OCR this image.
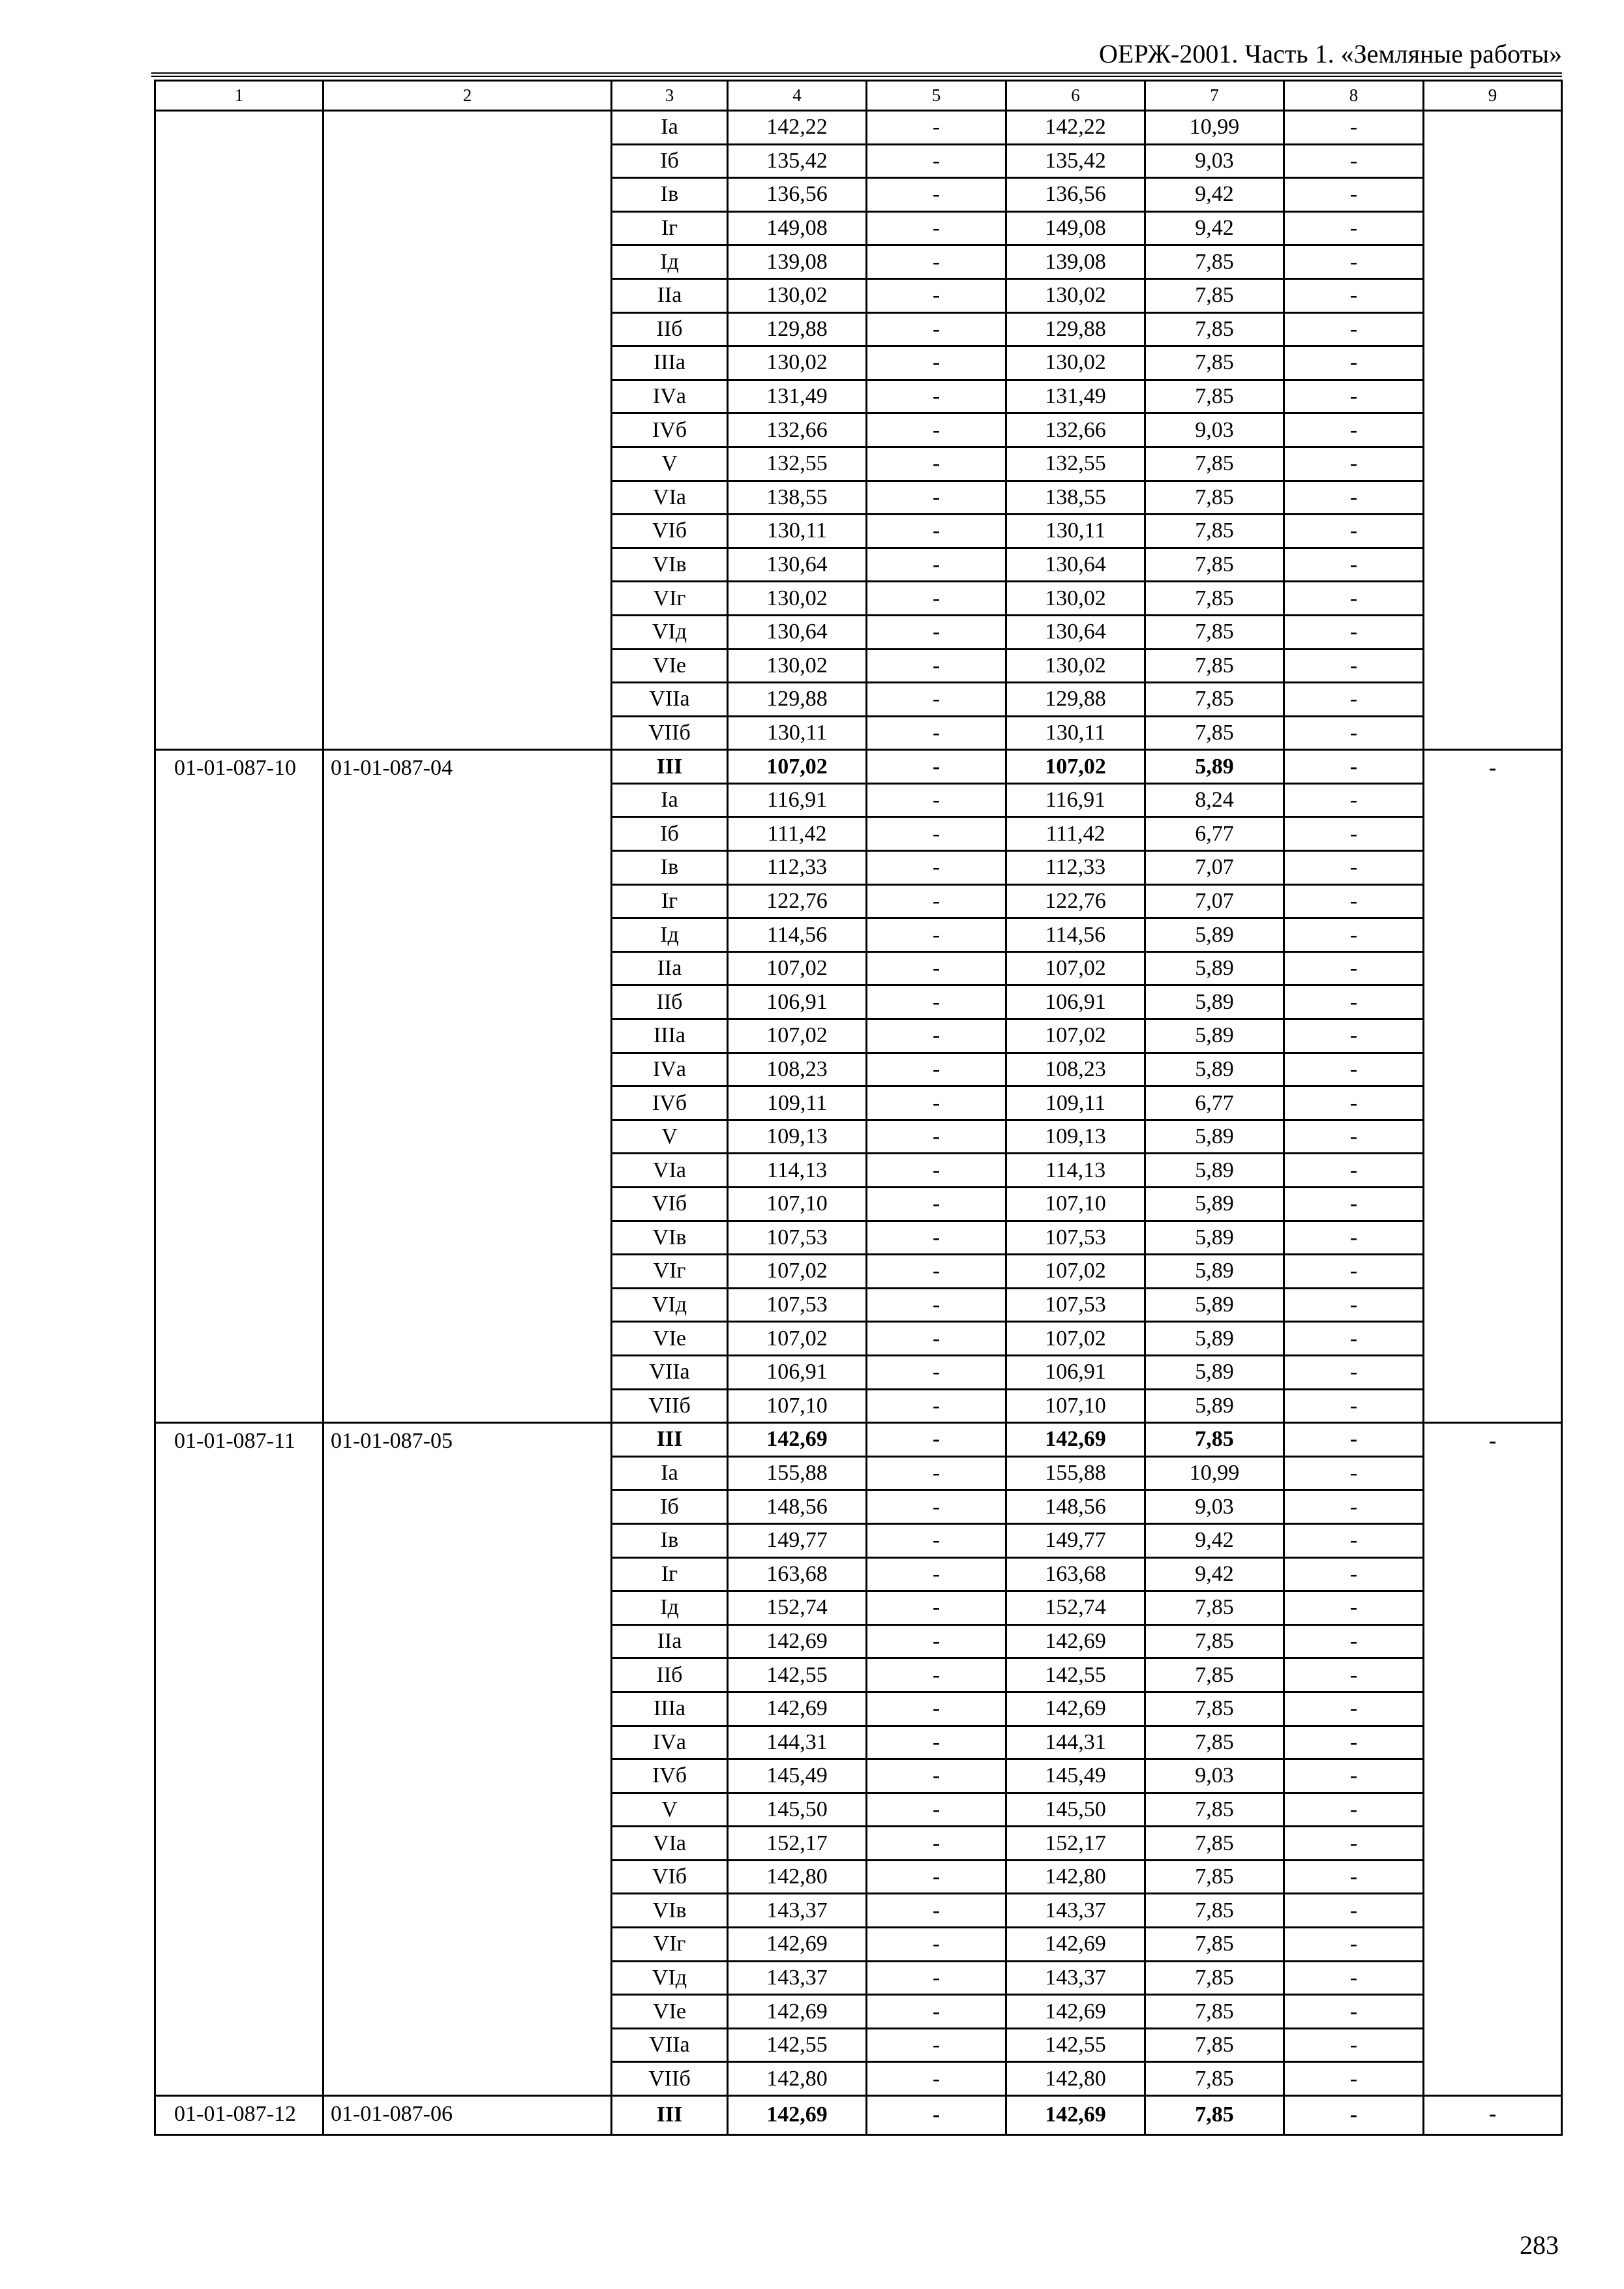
ОЕРЖ-2001. Часть 1. «Земляные работы»
1	2	3	4	5	6	7	8	9
		Iа	142,22	-	142,22	10,99	-	
		Iб	135,42	-	135,42	9,03	-	
		Iв	136,56	-	136,56	9,42	-	
		Iг	149,08	-	149,08	9,42	-	
		Iд	139,08	-	139,08	7,85	-	
		IIа	130,02	-	130,02	7,85	-	
		IIб	129,88	-	129,88	7,85	-	
		IIIа	130,02	-	130,02	7,85	-	
		IVа	131,49	-	131,49	7,85	-	
		IVб	132,66	-	132,66	9,03	-	
		V	132,55	-	132,55	7,85	-	
		VIа	138,55	-	138,55	7,85	-	
		VIб	130,11	-	130,11	7,85	-	
		VIв	130,64	-	130,64	7,85	-	
		VIг	130,02	-	130,02	7,85	-	
		VIд	130,64	-	130,64	7,85	-	
		VIе	130,02	-	130,02	7,85	-	
		VIIа	129,88	-	129,88	7,85	-	
		VIIб	130,11	-	130,11	7,85	-	
01-01-087-10	01-01-087-04	III	107,02	-	107,02	5,89	-	-
		Iа	116,91	-	116,91	8,24	-	
		Iб	111,42	-	111,42	6,77	-	
		Iв	112,33	-	112,33	7,07	-	
		Iг	122,76	-	122,76	7,07	-	
		Iд	114,56	-	114,56	5,89	-	
		IIа	107,02	-	107,02	5,89	-	
		IIб	106,91	-	106,91	5,89	-	
		IIIа	107,02	-	107,02	5,89	-	
		IVа	108,23	-	108,23	5,89	-	
		IVб	109,11	-	109,11	6,77	-	
		V	109,13	-	109,13	5,89	-	
		VIа	114,13	-	114,13	5,89	-	
		VIб	107,10	-	107,10	5,89	-	
		VIв	107,53	-	107,53	5,89	-	
		VIг	107,02	-	107,02	5,89	-	
		VIд	107,53	-	107,53	5,89	-	
		VIе	107,02	-	107,02	5,89	-	
		VIIа	106,91	-	106,91	5,89	-	
		VIIб	107,10	-	107,10	5,89	-	
01-01-087-11	01-01-087-05	III	142,69	-	142,69	7,85	-	-
		Iа	155,88	-	155,88	10,99	-	
		Iб	148,56	-	148,56	9,03	-	
		Iв	149,77	-	149,77	9,42	-	
		Iг	163,68	-	163,68	9,42	-	
		Iд	152,74	-	152,74	7,85	-	
		IIа	142,69	-	142,69	7,85	-	
		IIб	142,55	-	142,55	7,85	-	
		IIIа	142,69	-	142,69	7,85	-	
		IVа	144,31	-	144,31	7,85	-	
		IVб	145,49	-	145,49	9,03	-	
		V	145,50	-	145,50	7,85	-	
		VIа	152,17	-	152,17	7,85	-	
		VIб	142,80	-	142,80	7,85	-	
		VIв	143,37	-	143,37	7,85	-	
		VIг	142,69	-	142,69	7,85	-	
		VIд	143,37	-	143,37	7,85	-	
		VIе	142,69	-	142,69	7,85	-	
		VIIа	142,55	-	142,55	7,85	-	
		VIIб	142,80	-	142,80	7,85	-	
01-01-087-12	01-01-087-06	III	142,69	-	142,69	7,85	-	-
283
